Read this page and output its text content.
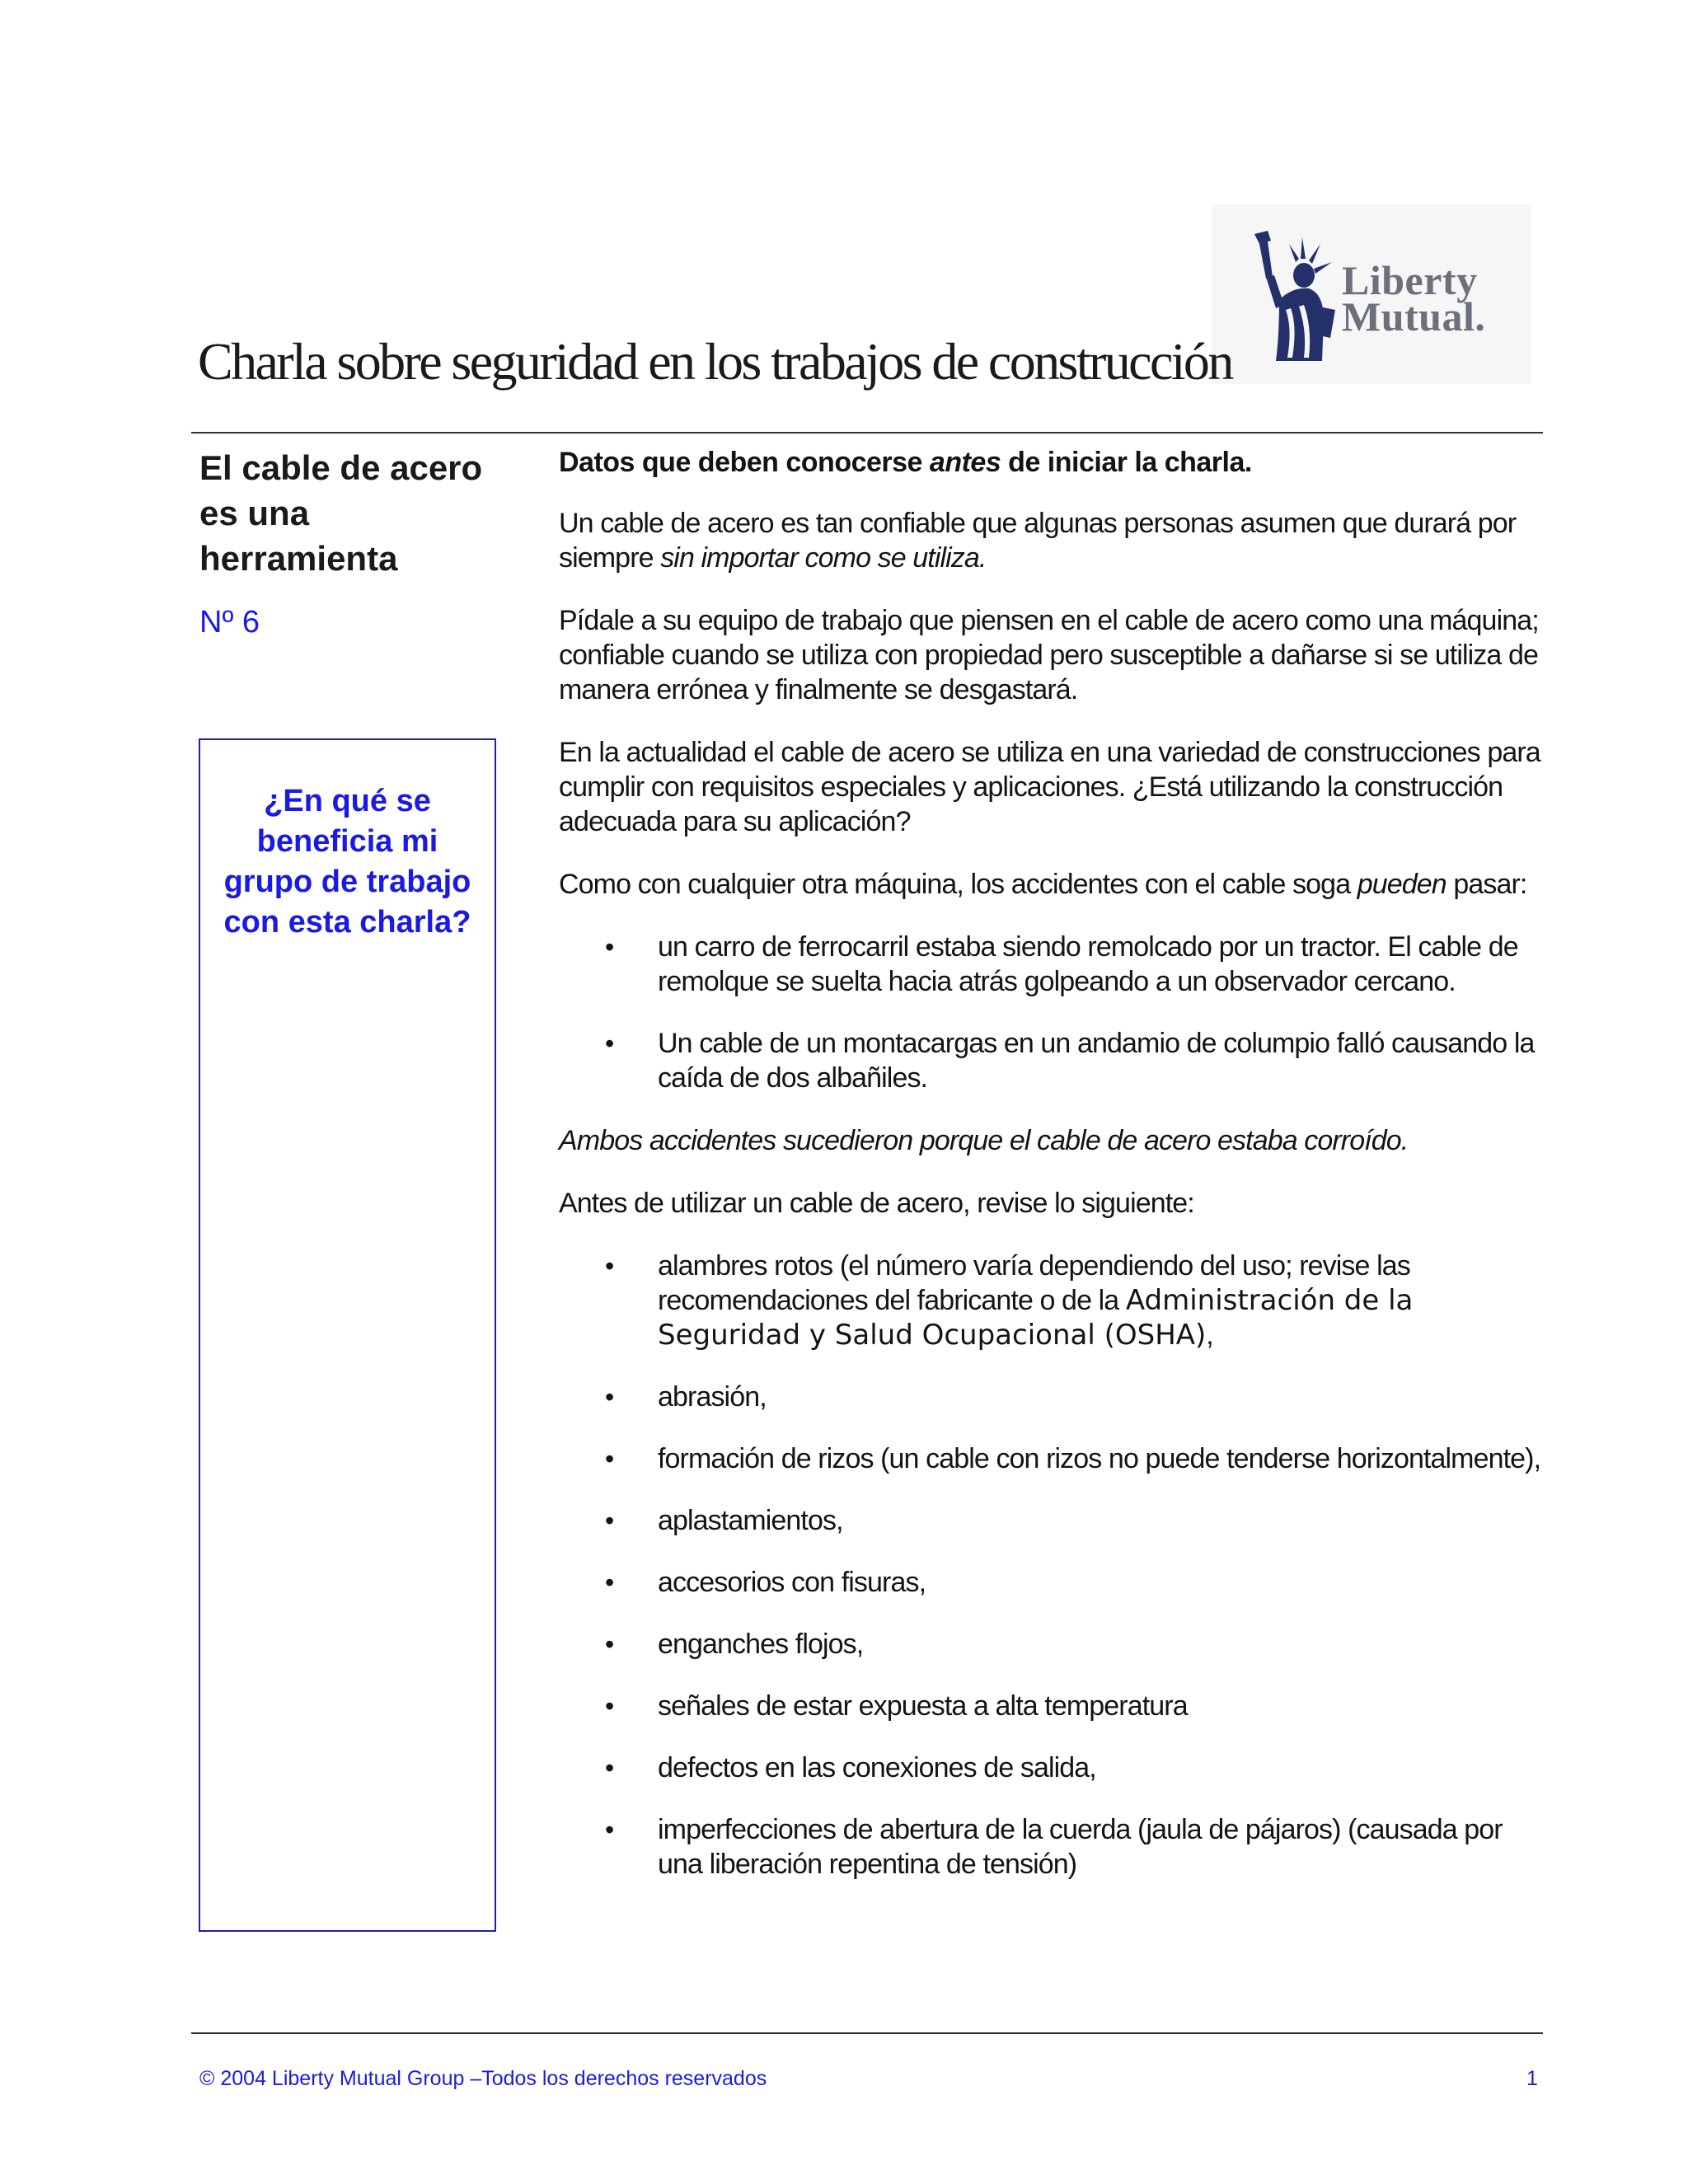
Liberty
Mutual.
Charla sobre seguridad en los trabajos de construcción
El cable de acero es una herramienta
Nº 6
¿En qué se beneficia mi grupo de trabajo con esta charla?

Datos que deben conocerse antes de iniciar la charla.

Un cable de acero es tan confiable que algunas personas asumen que durará por siempre sin importar como se utiliza.

Pídale a su equipo de trabajo que piensen en el cable de acero como una máquina; confiable cuando se utiliza con propiedad pero susceptible a dañarse si se utiliza de manera errónea y finalmente se desgastará.

En la actualidad el cable de acero se utiliza en una variedad de construcciones para cumplir con requisitos especiales y aplicaciones. ¿Está utilizando la construcción adecuada para su aplicación?

Como con cualquier otra máquina, los accidentes con el cable soga pueden pasar:

• un carro de ferrocarril estaba siendo remolcado por un tractor. El cable de remolque se suelta hacia atrás golpeando a un observador cercano.
• Un cable de un montacargas en un andamio de columpio falló causando la caída de dos albañiles.

Ambos accidentes sucedieron porque el cable de acero estaba corroído.

Antes de utilizar un cable de acero, revise lo siguiente:

• alambres rotos (el número varía dependiendo del uso; revise las recomendaciones del fabricante o de la Administración de la Seguridad y Salud Ocupacional (OSHA),
• abrasión,
• formación de rizos (un cable con rizos no puede tenderse horizontalmente),
• aplastamientos,
• accesorios con fisuras,
• enganches flojos,
• señales de estar expuesta a alta temperatura
• defectos en las conexiones de salida,
• imperfecciones de abertura de la cuerda (jaula de pájaros) (causada por una liberación repentina de tensión)
© 2004 Liberty Mutual Group –Todos los derechos reservados	1
